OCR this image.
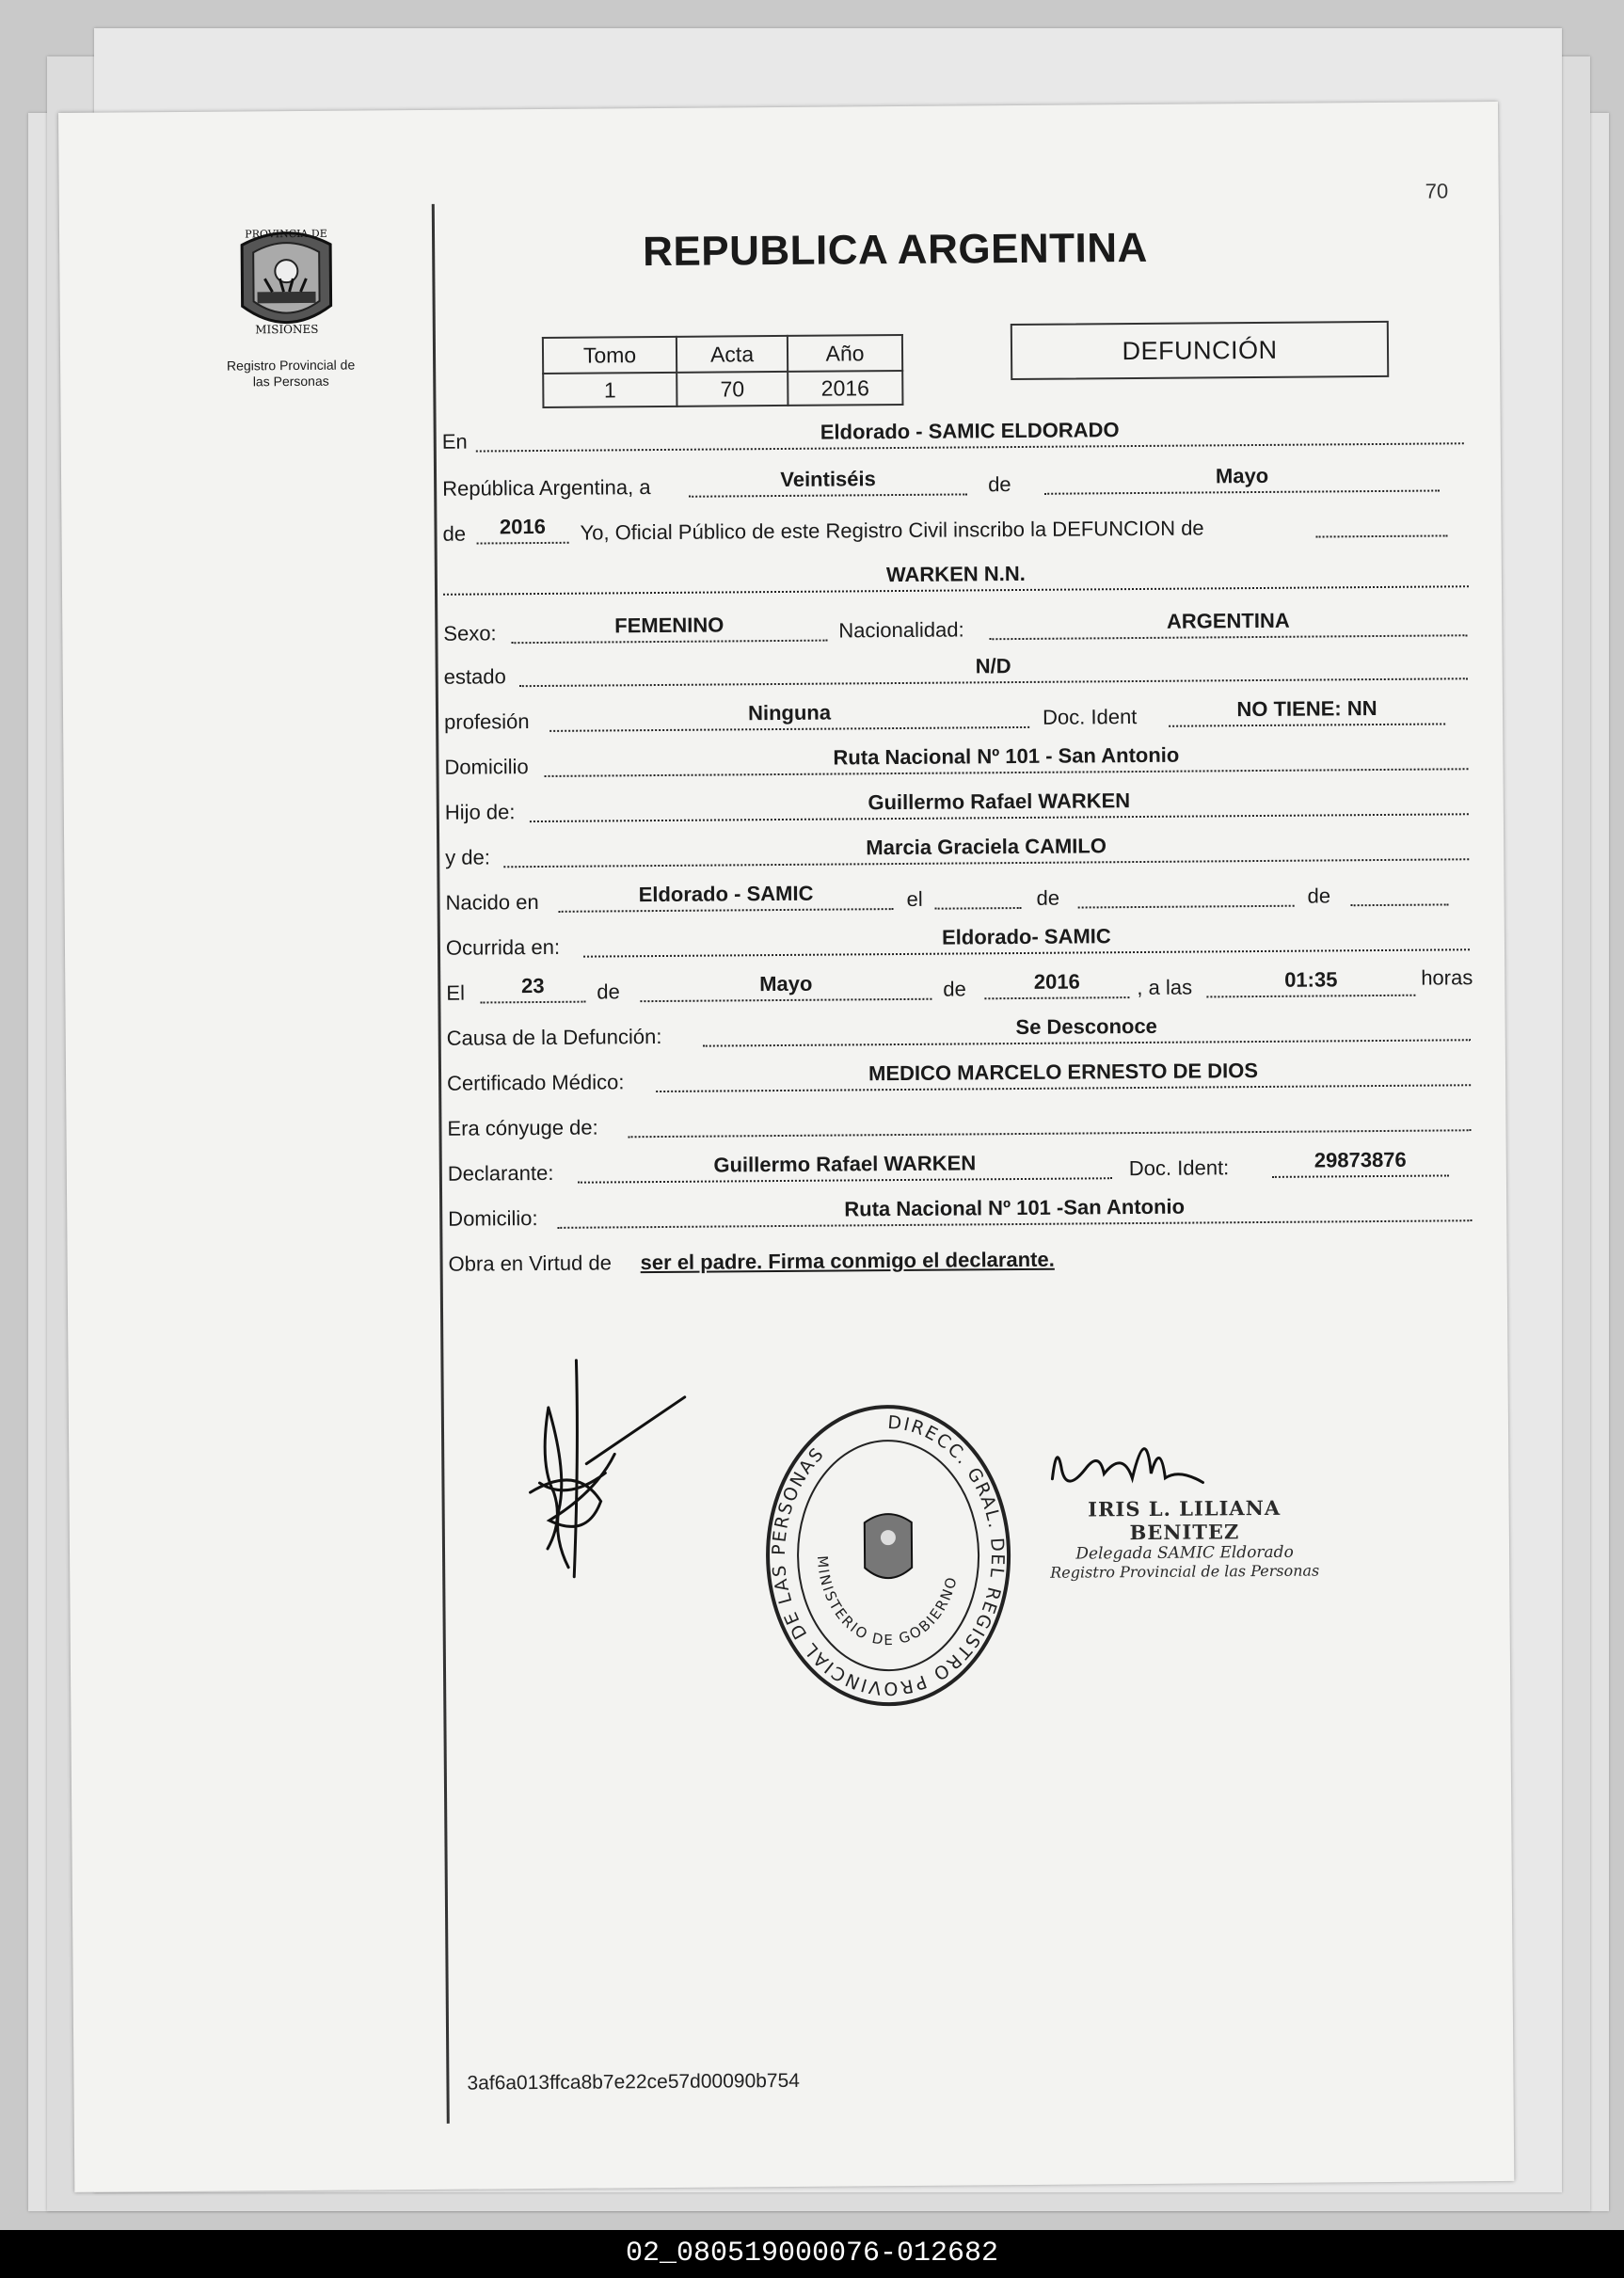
70
PROVINCIA DE
MISIONES
Registro Provincial de
las Personas
REPUBLICA ARGENTINA
Tomo	Acta	Año
1	70	2016
DEFUNCIÓN
En	Eldorado - SAMIC ELDORADO
República Argentina, a	Veintiséis	de	Mayo
de	2016	Yo, Oficial Público de este Registro Civil inscribo la DEFUNCION de
WARKEN N.N.
Sexo:	FEMENINO	Nacionalidad:	ARGENTINA
estado	N/D
profesión	Ninguna	Doc. Ident	NO TIENE: NN
Domicilio	Ruta Nacional Nº 101 - San Antonio
Hijo de:	Guillermo Rafael WARKEN
y de:	Marcia Graciela CAMILO
Nacido en	Eldorado - SAMIC	el	de	de
Ocurrida en:	Eldorado- SAMIC
El	23	de	Mayo	de	2016	, a las	01:35	horas
Causa de la Defunción:	Se Desconoce
Certificado Médico:	MEDICO MARCELO ERNESTO DE DIOS
Era cónyuge de:
Declarante:	Guillermo Rafael WARKEN	Doc. Ident:	29873876
Domicilio:	Ruta Nacional Nº 101 -San Antonio
Obra en Virtud de ser el padre. Firma conmigo el declarante.
DIRECC. GRAL. DEL REGISTRO PROVINCIAL DE LAS PERSONAS
MINISTERIO DE GOBIERNO
IRIS L. LILIANA BENITEZ
Delegada SAMIC Eldorado
Registro Provincial de las Personas
3af6a013ffca8b7e22ce57d00090b754
02_080519000076-012682
